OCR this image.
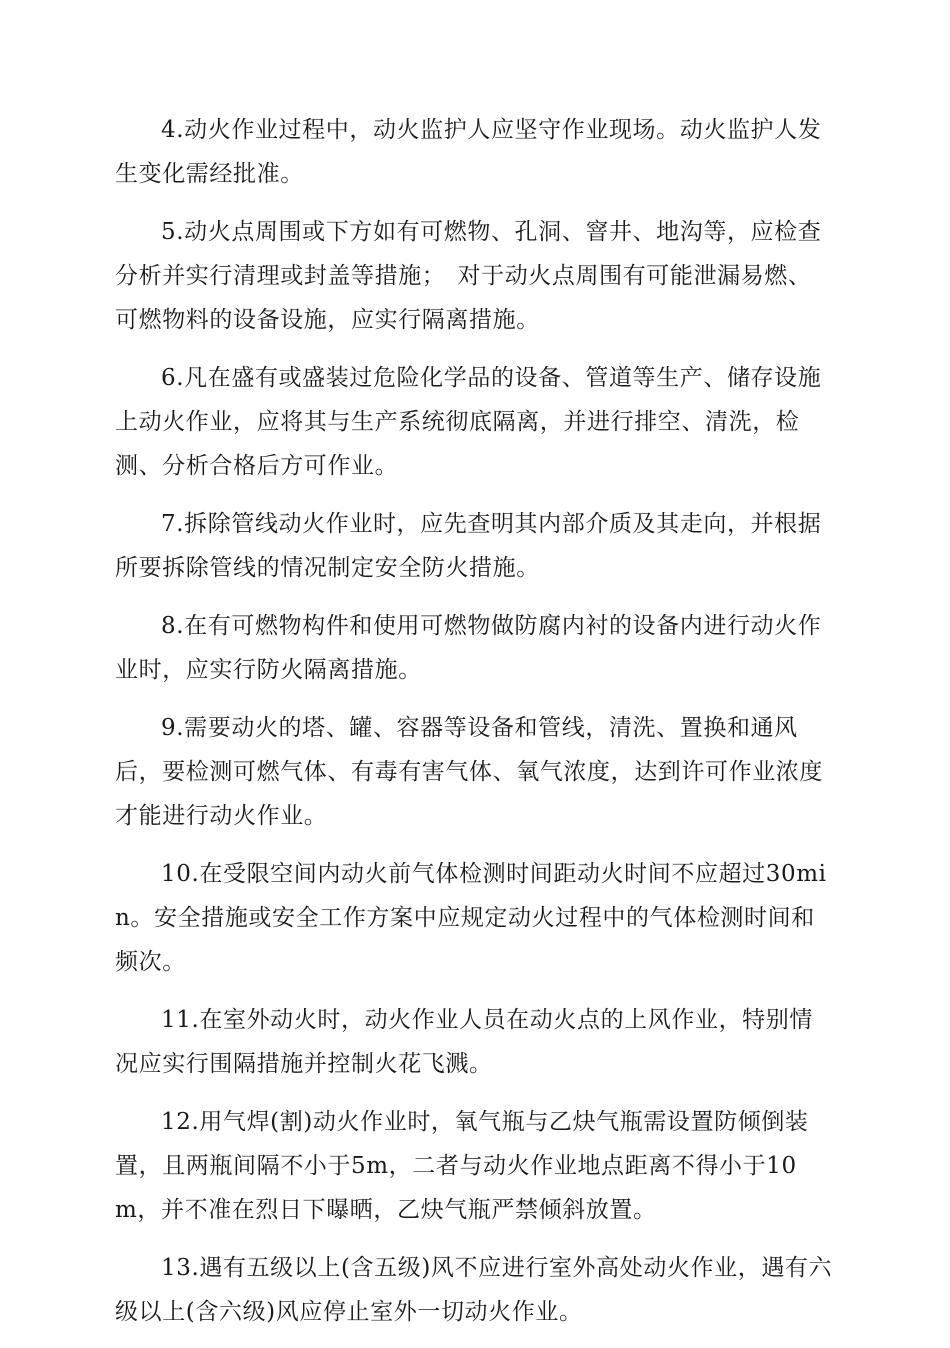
4.动火作业过程中，动火监护人应坚守作业现场。动火监护人发生变化需经批准。

5.动火点周围或下方如有可燃物、孔洞、窨井、地沟等，应检查分析并实行清理或封盖等措施；　对于动火点周围有可能泄漏易燃、可燃物料的设备设施，应实行隔离措施。

6.凡在盛有或盛装过危险化学品的设备、管道等生产、储存设施上动火作业，应将其与生产系统彻底隔离，并进行排空、清洗，检测、分析合格后方可作业。

7.拆除管线动火作业时，应先查明其内部介质及其走向，并根据所要拆除管线的情况制定安全防火措施。

8.在有可燃物构件和使用可燃物做防腐内衬的设备内进行动火作业时，应实行防火隔离措施。

9.需要动火的塔、罐、容器等设备和管线，清洗、置换和通风后，要检测可燃气体、有毒有害气体、氧气浓度，达到许可作业浓度才能进行动火作业。

10.在受限空间内动火前气体检测时间距动火时间不应超过30min。安全措施或安全工作方案中应规定动火过程中的气体检测时间和频次。

11.在室外动火时，动火作业人员在动火点的上风作业，特别情况应实行围隔措施并控制火花飞溅。

12.用气焊(割)动火作业时，氧气瓶与乙炔气瓶需设置防倾倒装置，且两瓶间隔不小于5m，二者与动火作业地点距离不得小于10m，并不准在烈日下曝晒，乙炔气瓶严禁倾斜放置。

13.遇有五级以上(含五级)风不应进行室外高处动火作业，遇有六级以上(含六级)风应停止室外一切动火作业。
